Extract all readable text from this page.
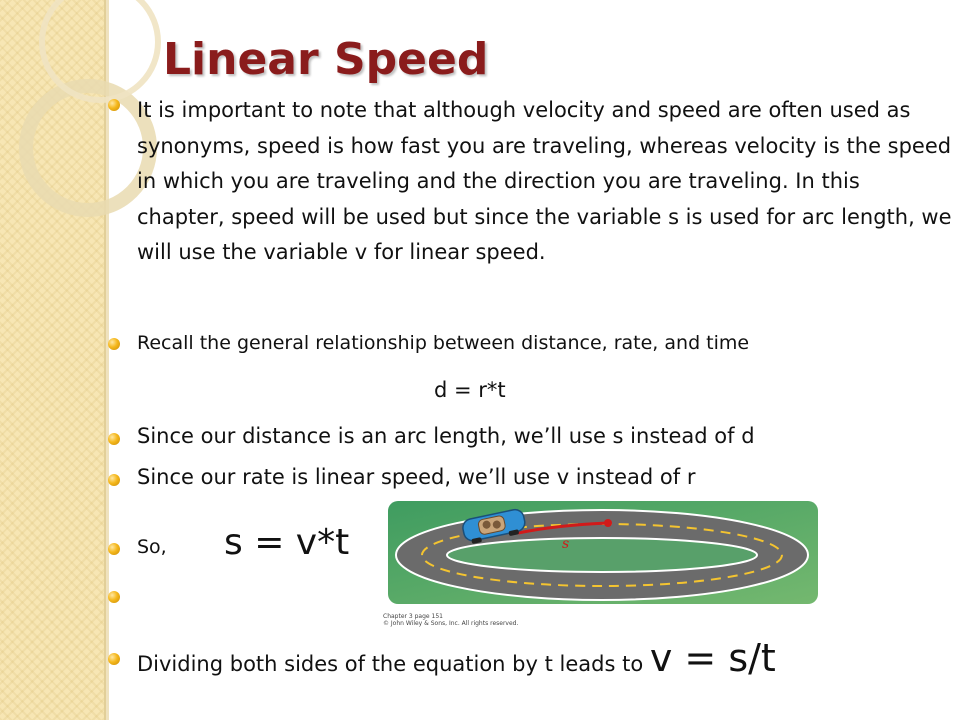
Linear Speed

It is important to note that although velocity and speed are often used as synonyms, speed is how fast you are traveling, whereas velocity is the speed in which you are traveling and the direction you are traveling. In this chapter, speed will be used but since the variable s is used for arc length, we will use the variable v for linear speed.

Recall the general relationship between distance, rate, and time

d = r*t

Since our distance is an arc length, we’ll use s instead of d

Since our rate is linear speed, we’ll use v instead of r

So, s = v*t	s
Chapter 3 page 151
© John Wiley & Sons, Inc. All rights reserved.

Dividing both sides of the equation by t leads to v = s/t
